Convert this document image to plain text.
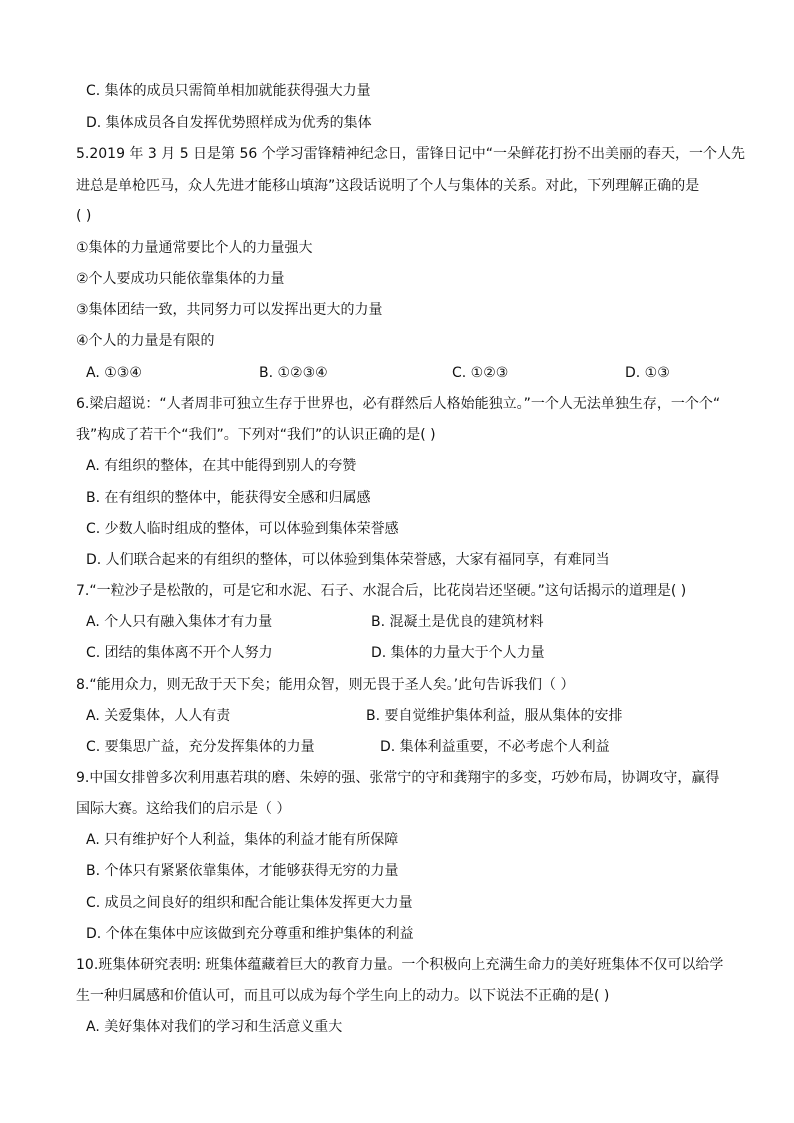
C. 集体的成员只需简单相加就能获得强大力量
D. 集体成员各自发挥优势照样成为优秀的集体
5.2019 年 3 月 5 日是第 56 个学习雷锋精神纪念日，雷锋日记中“一朵鲜花打扮不出美丽的春天，一个人先
进总是单枪匹马，众人先进才能移山填海”这段话说明了个人与集体的关系。对此，下列理解正确的是
( )
①集体的力量通常要比个人的力量强大
②个人要成功只能依靠集体的力量
③集体团结一致，共同努力可以发挥出更大的力量
④个人的力量是有限的
A. ①③④	B. ①②③④	C. ①②③	D. ①③
6.梁启超说：“人者周非可独立生存于世界也，必有群然后人格始能独立。”一个人无法单独生存，一个个“
我”构成了若干个“我们”。下列对“我们”的认识正确的是( )
A. 有组织的整体，在其中能得到别人的夸赞
B. 在有组织的整体中，能获得安全感和归属感
C. 少数人临时组成的整体，可以体验到集体荣誉感
D. 人们联合起来的有组织的整体，可以体验到集体荣誉感，大家有福同享，有难同当
7.“一粒沙子是松散的，可是它和水泥、石子、水混合后，比花岗岩还坚硬。”这句话揭示的道理是( )
A. 个人只有融入集体才有力量	B. 混凝土是优良的建筑材料
C. 团结的集体离不开个人努力	D. 集体的力量大于个人力量
8.“能用众力，则无敌于天下矣；能用众智，则无畏于圣人矣。’此句告诉我们（ ）
A. 关爱集体，人人有责	B. 要自觉维护集体利益，服从集体的安排
C. 要集思广益，充分发挥集体的力量	D. 集体利益重要，不必考虑个人利益
9.中国女排曾多次利用惠若琪的磨、朱婷的强、张常宁的守和龚翔宇的多变，巧妙布局，协调攻守，赢得
国际大赛。这给我们的启示是（ ）
A. 只有维护好个人利益，集体的利益才能有所保障
B. 个体只有紧紧依靠集体，才能够获得无穷的力量
C. 成员之间良好的组织和配合能让集体发挥更大力量
D. 个体在集体中应该做到充分尊重和维护集体的利益
10.班集体研究表明: 班集体蕴藏着巨大的教育力量。一个积极向上充满生命力的美好班集体不仅可以给学
生一种归属感和价值认可，而且可以成为每个学生向上的动力。以下说法不正确的是( )
A. 美好集体对我们的学习和生活意义重大
